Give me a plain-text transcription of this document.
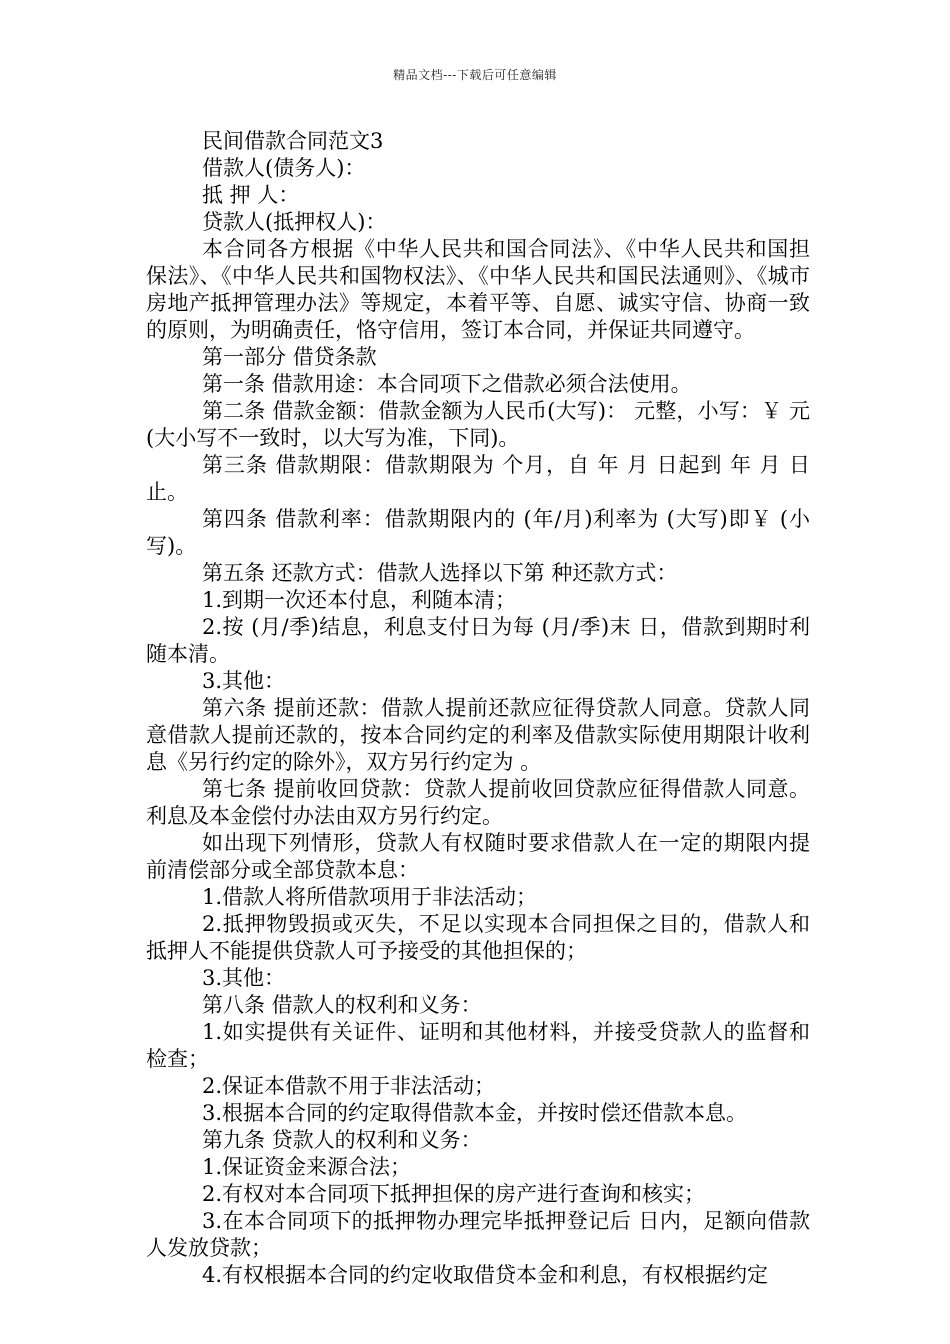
精品文档---下载后可任意编辑

民间借款合同范文3

借款人(债务人)：

抵 押 人：

贷款人(抵押权人)：

本合同各方根据《中华人民共和国合同法》、《中华人民共和国担保法》、《中华人民共和国物权法》、《中华人民共和国民法通则》、《城市房地产抵押管理办法》等规定，本着平等、自愿、诚实守信、协商一致的原则，为明确责任，恪守信用，签订本合同，并保证共同遵守。

第一部分 借贷条款

第一条 借款用途：本合同项下之借款必须合法使用。

第二条 借款金额：借款金额为人民币(大写)： 元整，小写：￥ 元(大小写不一致时，以大写为准，下同)。

第三条 借款期限：借款期限为 个月，自 年 月 日起到 年 月 日止。

第四条 借款利率：借款期限内的 (年/月)利率为 (大写)即￥ (小写)。

第五条 还款方式：借款人选择以下第 种还款方式：

1.到期一次还本付息，利随本清；

2.按 (月/季)结息，利息支付日为每 (月/季)末 日，借款到期时利随本清。

3.其他：

第六条 提前还款：借款人提前还款应征得贷款人同意。贷款人同意借款人提前还款的，按本合同约定的利率及借款实际使用期限计收利息《另行约定的除外》，双方另行约定为 。

第七条 提前收回贷款：贷款人提前收回贷款应征得借款人同意。利息及本金偿付办法由双方另行约定。

如出现下列情形，贷款人有权随时要求借款人在一定的期限内提前清偿部分或全部贷款本息：

1.借款人将所借款项用于非法活动；

2.抵押物毁损或灭失，不足以实现本合同担保之目的，借款人和抵押人不能提供贷款人可予接受的其他担保的；

3.其他：

第八条 借款人的权利和义务：

1.如实提供有关证件、证明和其他材料，并接受贷款人的监督和检查；

2.保证本借款不用于非法活动；

3.根据本合同的约定取得借款本金，并按时偿还借款本息。

第九条 贷款人的权利和义务：

1.保证资金来源合法；

2.有权对本合同项下抵押担保的房产进行查询和核实；

3.在本合同项下的抵押物办理完毕抵押登记后 日内，足额向借款人发放贷款；

4.有权根据本合同的约定收取借贷本金和利息，有权根据约定
